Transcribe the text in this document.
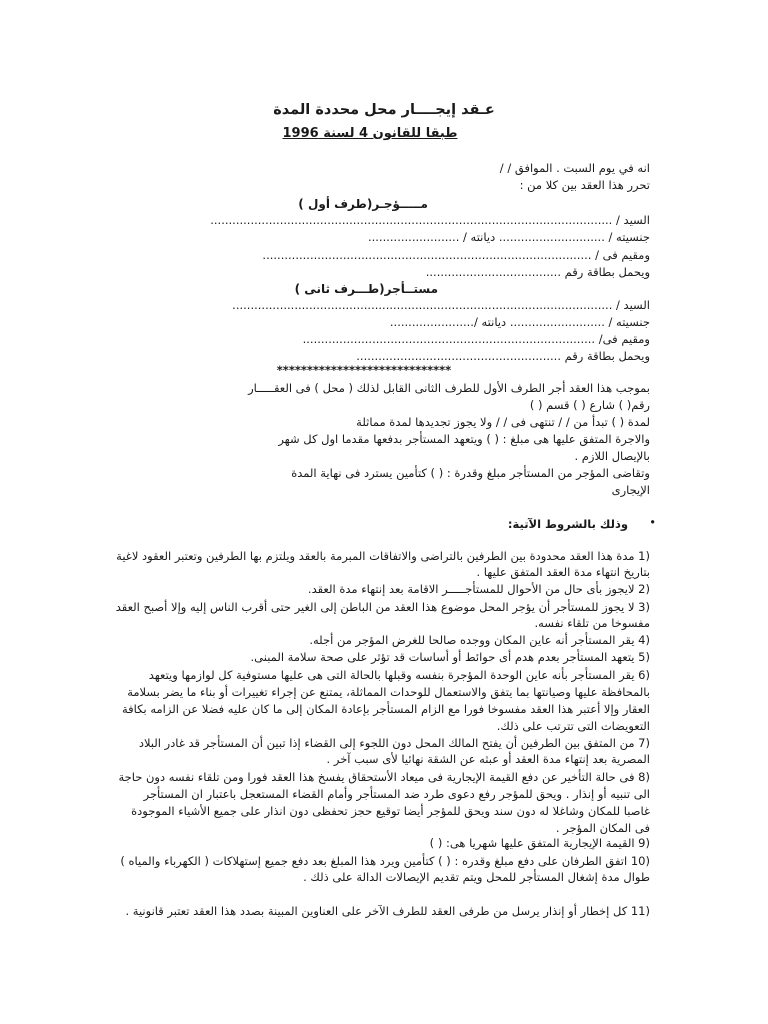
عـقد إيجــــار محل محددة المدة
طبقا للقانون 4 لسنة 1996
انه في يوم السبت . الموافق / /
تحرر هذا العقد بين كلا من :
مـــــؤجـر(طرف أول )
السيد / ..............................................................................................................
جنسيته / ............................. ديانته / .........................
ومقيم فى / ..........................................................................................
ويحمل بطاقة رقم .....................................
مستــأجر(طـــرف ثانى )
السيد / ........................................................................................................
جنسيته / .......................... ديانته /.......................
ومقيم فى/ ................................................................................
ويحمل بطاقة رقم ........................................................
*****************************
بموجب هذا العقد أجر الطرف الأول للطرف الثانى القابل لذلك ( محل ) فى العقـــــار
رقم( ) شارع ( ) قسم ( )
لمدة ( ) تبدأ من / / تنتهى فى / / ولا يجوز تجديدها لمدة مماثلة
والاجرة المتفق عليها هى مبلغ : ( ) ويتعهد المستأجر بدفعها مقدما اول كل شهر
بالإيصال اللازم .
وتقاضى المؤجر من المستأجر مبلغ وقدرة : ( ) كتأمين يسترد فى نهاية المدة
الإيجارى
وذلك بالشروط الآتية: •
(1 مدة هذا العقد محدودة بين الطرفين بالتراضى والاتفاقات المبرمة بالعقد ويلتزم بها الطرفين وتعتبر العقود لاغية بتاريخ انتهاء مدة العقد المتفق عليها .
(2 لايجوز بأى حال من الأحوال للمستأجـــــر الاقامة بعد إنتهاء مدة العقد.
(3 لا يجوز للمستأجر أن يؤجر المحل موضوع هذا العقد من الباطن إلى الغير حتى أقرب الناس إليه وإلا أصبح العقد مفسوخا من تلقاء نفسه.
(4 يقر المستأجر أنه عاين المكان ووجده صالحا للغرض المؤجر من أجله.
(5 يتعهد المستأجر بعدم هدم أى حوائط أو أساسات قد تؤثر على صحة سلامة المبنى.
(6 يقر المستأجر بأنه عاين الوحدة المؤجرة بنفسه وقبلها بالحالة التى هى عليها مستوفية كل لوازمها ويتعهد بالمحافظة عليها وصيانتها بما يتفق والاستعمال للوحدات المماثلة، يمتنع عن إجراء تغييرات أو بناء ما يضر بسلامة العقار وإلا أعتبر هذا العقد مفسوخا فورا مع الزام المستأجر بإعادة المكان إلى ما كان عليه فضلا عن الزامه بكافة التعويضات التى تترتب على ذلك.
(7 من المتفق بين الطرفين أن يفتح المالك المحل دون اللجوء إلى القضاء إذا تبين أن المستأجر قد غادر البلاد المصرية بعد إنتهاء مدة العقد أو عبثه عن الشقة نهائيا لأى سبب آخر .
(8 فى حالة التأخير عن دفع القيمة الإيجارية فى ميعاد الأستحقاق يفسخ هذا العقد فورا ومن تلقاء نفسه دون حاجة الى تنبيه أو إنذار . ويحق للمؤجر رفع دعوى طرد ضد المستأجر وأمام القضاء المستعجل باعتبار ان المستأجر غاصبا للمكان وشاغلا له دون سند ويحق للمؤجر أيضا توقيع حجز تحفظى دون انذار على جميع الأشياء الموجودة فى المكان المؤجر .
(9 القيمة الإيجارية المتفق عليها شهريا هى: ( )
(10 اتفق الطرفان على دفع مبلغ وقدره : ( ) كتأمين ويرد هذا المبلغ بعد دفع جميع إستهلاكات ( الكهرباء والمياه ) طوال مدة إشغال المستأجر للمحل ويتم تقديم الإيصالات الدالة على ذلك .
(11 كل إخطار أو إنذار يرسل من طرفى العقد للطرف الآخر على العناوين المبينة بصدد هذا العقد تعتبر قانونية .
